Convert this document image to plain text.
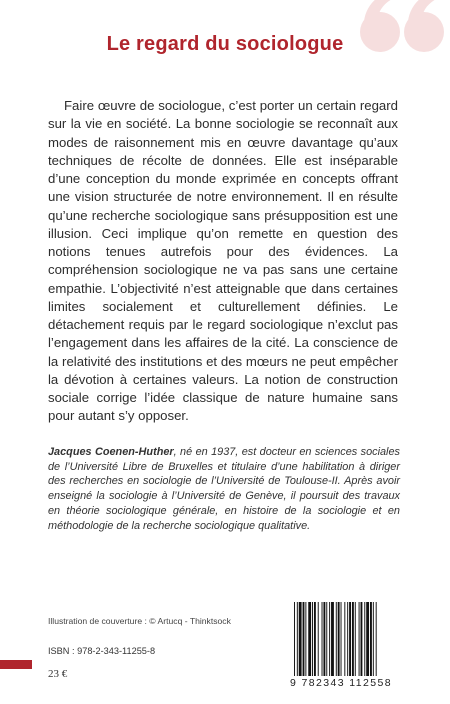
Le regard du sociologue

Faire œuvre de sociologue, c’est porter un certain regard sur la vie en société. La bonne sociologie se reconnaît aux modes de raisonnement mis en œuvre davantage qu’aux techniques de récolte de données. Elle est inséparable d’une conception du monde exprimée en concepts offrant une vision structurée de notre environnement. Il en résulte qu’une recherche sociologique sans présupposition est une illusion. Ceci implique qu’on remette en question des notions tenues autrefois pour des évidences. La compréhension sociologique ne va pas sans une certaine empathie. L’objectivité n’est atteignable que dans certaines limites socialement et culturellement définies. Le détachement requis par le regard sociologique n’exclut pas l’engagement dans les affaires de la cité. La conscience de la relativité des institutions et des mœurs ne peut empêcher la dévotion à certaines valeurs. La notion de construction sociale corrige l’idée classique de nature humaine sans pour autant s’y opposer.

Jacques Coenen-Huther, né en 1937, est docteur en sciences sociales de l’Université Libre de Bruxelles et titulaire d’une habilitation à diriger des recherches en sociologie de l’Université de Toulouse-II. Après avoir enseigné la sociologie à l’Université de Genève, il poursuit des travaux en théorie sociologique générale, en histoire de la sociologie et en méthodologie de la recherche sociologique qualitative.

Illustration de couverture : © Artucq - Thinktsock
ISBN : 978-2-343-11255-8
23 €
9 782343 112558
